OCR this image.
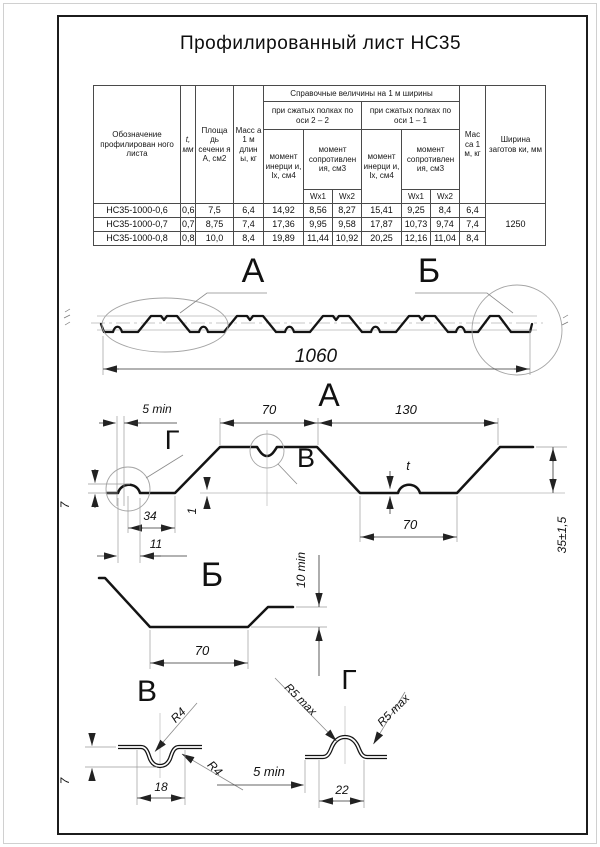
Профилированный лист НС35
Обозначение профилирован ного листа	t, мм	Площа дь сечени я А, см2	Масс а 1 м длин ы, кг	Справочные величины на 1 м ширины						Мас са 1 м, кг	Ширина заготов ки, мм
				при сжатых полках по оси 2 – 2			при сжатых полках по оси 1 – 1				
				момент инерци и, Ix, см4	момент сопротивлен ия, см3		момент инерци и, Ix, см4	момент сопротивлен ия, см3			
					Wx1	Wx2		Wx1	Wx2		
НС35-1000-0,6	0,6	7,5	6,4	14,92	8,56	8,27	15,41	9,25	8,4	6,4	1250
НС35-1000-0,7	0,7	8,75	7,4	17,36	9,95	9,58	17,87	10,73	9,74	7,4	
НС35-1000-0,8	0,8	10,0	8,4	19,89	11,44	10,92	20,25	12,16	11,04	8,4	
А	Б
1060
А
5 min	70	130
Г
В
7
34 1
11
t
70	35±1,5
Б
70
10 min
В
R4
R4
7	18
Г
R5 max	R5 max
5 min
22
